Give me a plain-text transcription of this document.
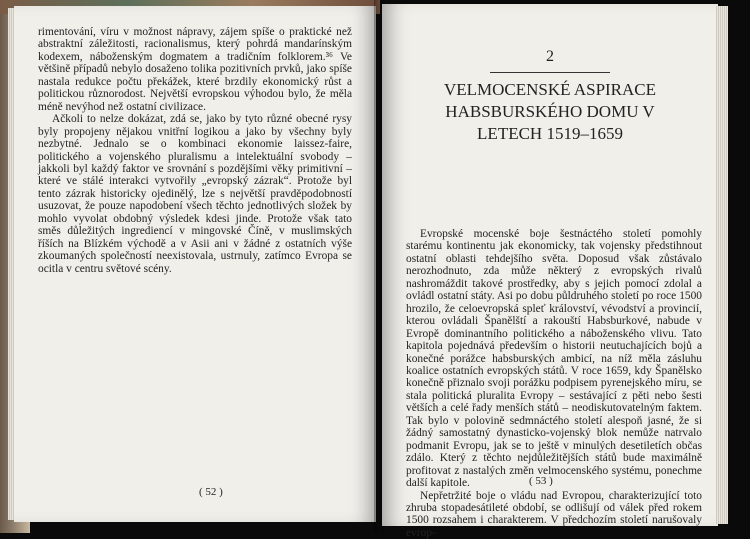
rimentování, víru v možnost nápravy, zájem spíše o praktické než abstraktní záležitosti, racionalismus, který pohrdá mandarínským kodexem, náboženským dogmatem a tradičním folklorem.³⁶ Ve většině případů nebylo dosaženo tolika pozitivních prvků, jako spíše nastala redukce počtu překážek, které brzdily ekonomický růst a politickou různorodost. Největší evropskou výhodou bylo, že měla méně nevýhod než ostatní civilizace.

Ačkoli to nelze dokázat, zdá se, jako by tyto různé obecné rysy byly propojeny nějakou vnitřní logikou a jako by všechny byly nezbytné. Jednalo se o kombinaci ekonomie laissez-faire, politického a vojenského pluralismu a intelektuální svobody – jakkoli byl každý faktor ve srovnání s pozdějšími věky primitivní – které ve stálé interakci vytvořily „evropský zázrak“. Protože byl tento zázrak historicky ojedinělý, lze s největší pravděpodobností usuzovat, že pouze napodobení všech těchto jednotlivých složek by mohlo vyvolat obdobný výsledek kdesi jinde. Protože však tato směs důležitých ingrediencí v mingovské Číně, v muslimských říších na Blízkém východě a v Asii ani v žádné z ostatních výše zkoumaných společností neexistovala, ustrnuly, zatímco Evropa se ocitla v centru světové scény.

( 52 )
2
VELMOCENSKÉ ASPIRACE HABSBURSKÉHO DOMU V LETECH 1519–1659

Evropské mocenské boje šestnáctého století pomohly starému kontinentu jak ekonomicky, tak vojensky předstihnout ostatní oblasti tehdejšího světa. Doposud však zůstávalo nerozhodnuto, zda může některý z evropských rivalů nashromáždit takové prostředky, aby s jejich pomocí zdolal a ovládl ostatní státy. Asi po dobu půldruhého století po roce 1500 hrozilo, že celoevropská spleť království, vévodství a provincií, kterou ovládali Španělští a rakouští Habsburkové, nabude v Evropě dominantního politického a náboženského vlivu. Tato kapitola pojednává především o historii neutuchajících bojů a konečné porážce habsburských ambicí, na níž měla zásluhu koalice ostatních evropských států. V roce 1659, kdy Španělsko konečně přiznalo svoji porážku podpisem pyrenejského míru, se stala politická pluralita Evropy – sestávající z pěti nebo šesti větších a celé řady menších států – neodiskutovatelným faktem. Tak bylo v polovině sedmnáctého století alespoň jasné, že si žádný samostatný dynasticko-vojenský blok nemůže natrvalo podmanit Evropu, jak se to ještě v minulých desetiletích občas zdálo. Který z těchto nejdůležitějších států bude maximálně profitovat z nastalých změn velmocenského systému, ponechme další kapitole.

Nepřetržité boje o vládu nad Evropou, charakterizující toto zhruba stopadesátileté období, se odlišují od válek před rokem 1500 rozsahem i charakterem. V předchozím století narušovaly evrop-

( 53 )
